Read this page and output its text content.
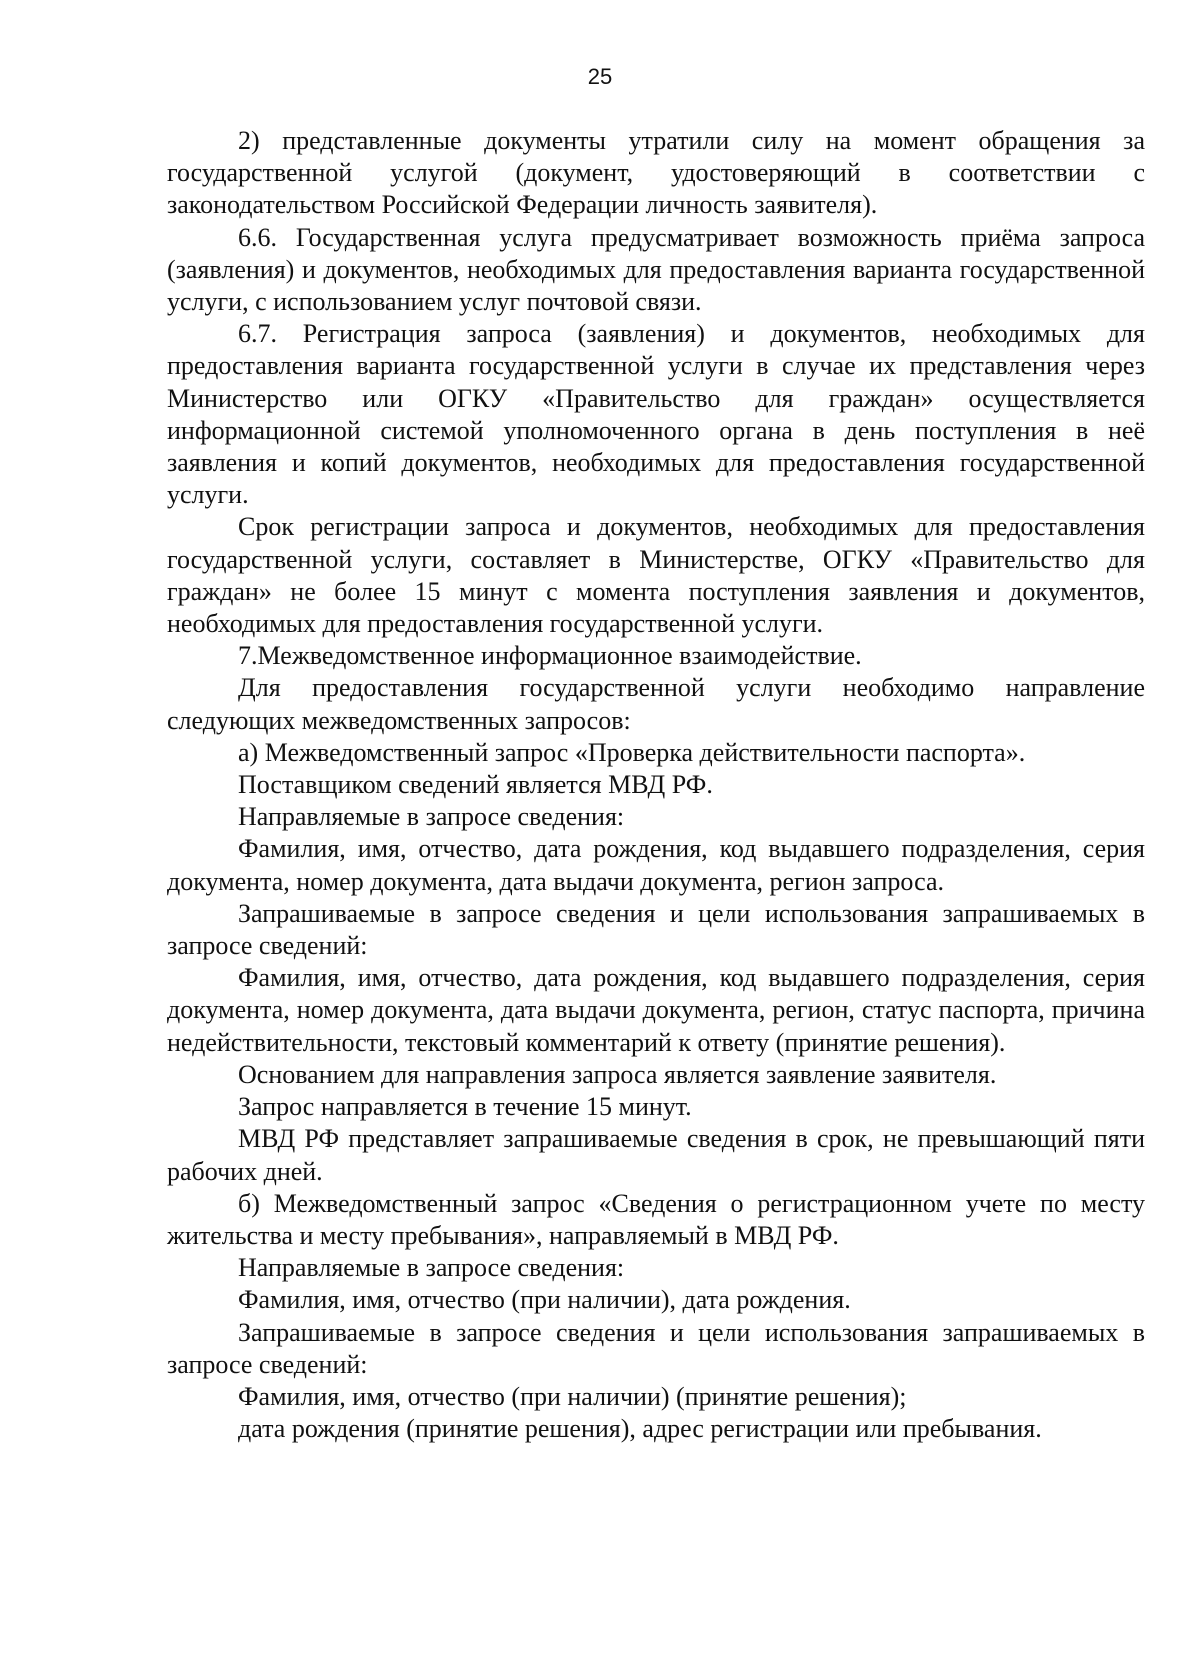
25

2) представленные документы утратили силу на момент обращения за государственной услугой (документ, удостоверяющий в соответствии с законодательством Российской Федерации личность заявителя).

6.6. Государственная услуга предусматривает возможность приёма запроса (заявления) и документов, необходимых для предоставления варианта государственной услуги, с использованием услуг почтовой связи.

6.7. Регистрация запроса (заявления) и документов, необходимых для предоставления варианта государственной услуги в случае их представления через Министерство или ОГКУ «Правительство для граждан» осуществляется информационной системой уполномоченного органа в день поступления в неё заявления и копий документов, необходимых для предоставления государственной услуги.

Срок регистрации запроса и документов, необходимых для предоставления государственной услуги, составляет в Министерстве, ОГКУ «Правительство для граждан» не более 15 минут с момента поступления заявления и документов, необходимых для предоставления государственной услуги.

7.Межведомственное информационное взаимодействие.

Для предоставления государственной услуги необходимо направление следующих межведомственных запросов:

а) Межведомственный запрос «Проверка действительности паспорта».

Поставщиком сведений является МВД РФ.

Направляемые в запросе сведения:

Фамилия, имя, отчество, дата рождения, код выдавшего подразделения, серия документа, номер документа, дата выдачи документа, регион запроса.

Запрашиваемые в запросе сведения и цели использования запрашиваемых в запросе сведений:

Фамилия, имя, отчество, дата рождения, код выдавшего подразделения, серия документа, номер документа, дата выдачи документа, регион, статус паспорта, причина недействительности, текстовый комментарий к ответу (принятие решения).

Основанием для направления запроса является заявление заявителя.

Запрос направляется в течение 15 минут.

МВД РФ представляет запрашиваемые сведения в срок, не превышающий пяти рабочих дней.

б) Межведомственный запрос «Сведения о регистрационном учете по месту жительства и месту пребывания», направляемый в МВД РФ.

Направляемые в запросе сведения:

Фамилия, имя, отчество (при наличии), дата рождения.

Запрашиваемые в запросе сведения и цели использования запрашиваемых в запросе сведений:

Фамилия, имя, отчество (при наличии) (принятие решения);

дата рождения (принятие решения), адрес регистрации или пребывания.
